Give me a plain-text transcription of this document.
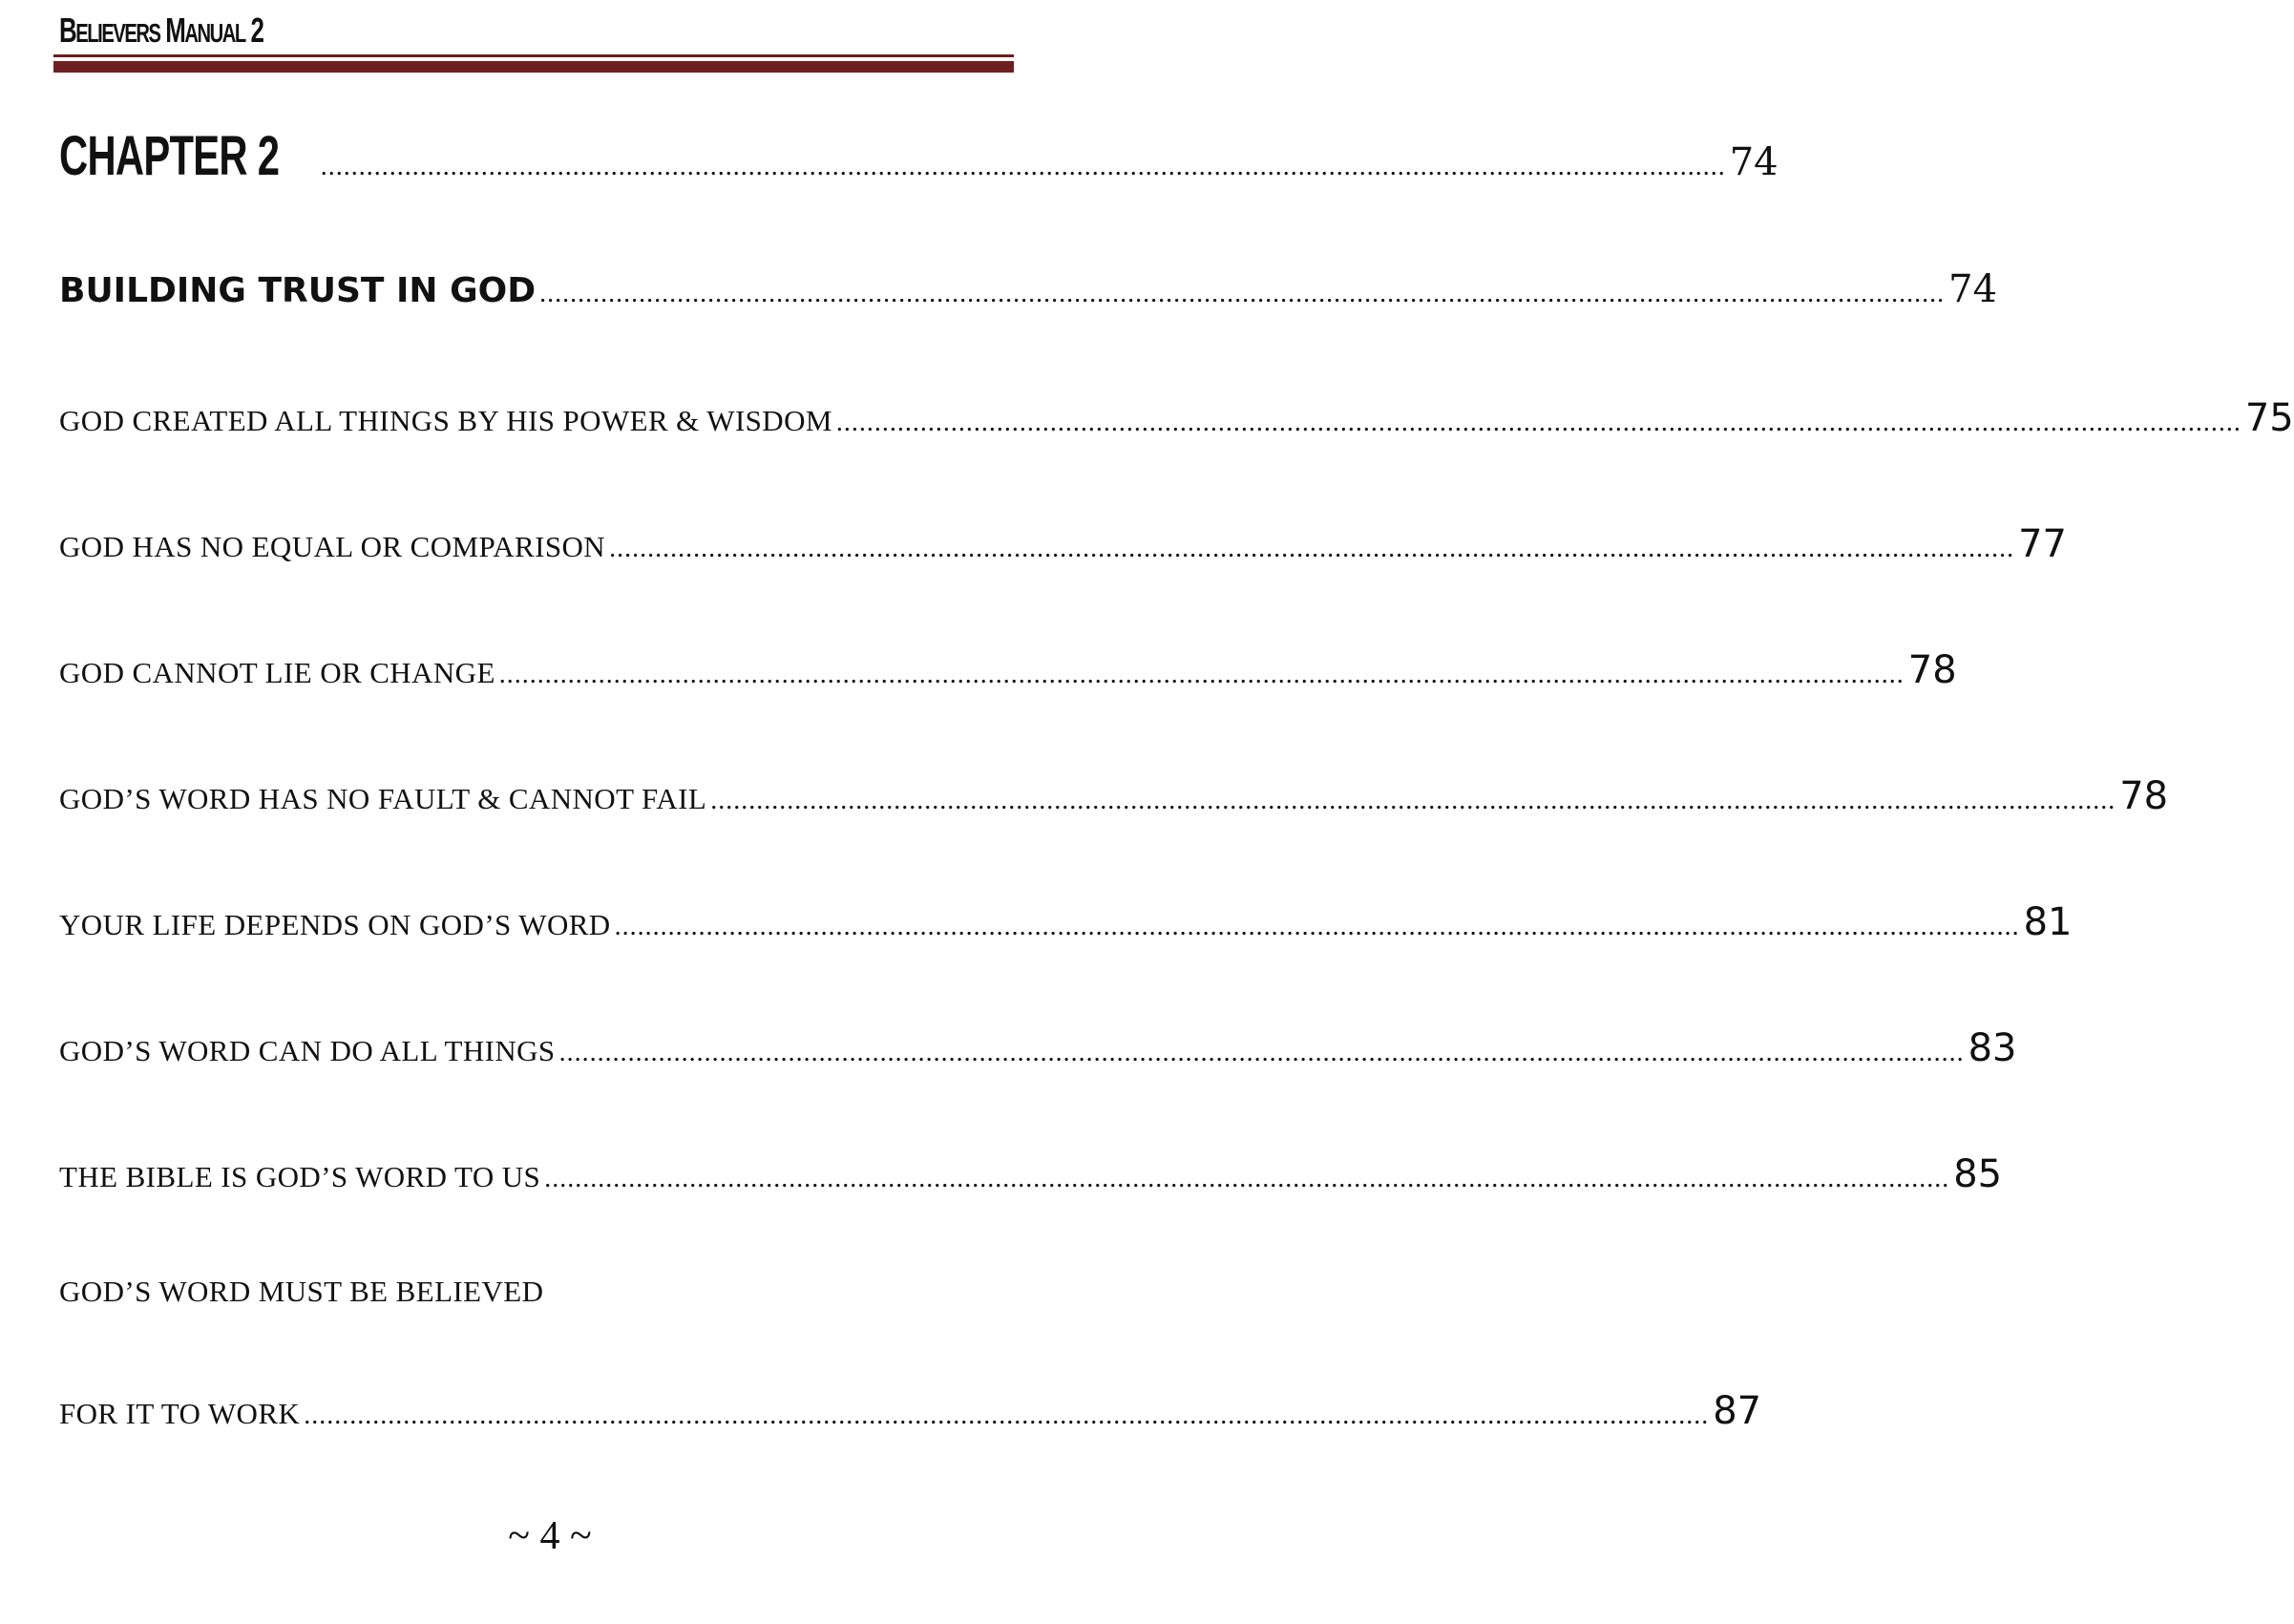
BELIEVERS MANUAL 2
CHAPTER 2 ........................................................................................................................................................................................ 74
BUILDING TRUST IN GOD ........................................................................................................................................................................................ 74
GOD CREATED ALL THINGS BY HIS POWER & WISDOM ........................................................................................................................................................................................ 75
GOD HAS NO EQUAL OR COMPARISON ........................................................................................................................................................................................ 77
GOD CANNOT LIE OR CHANGE ........................................................................................................................................................................................ 78
GOD’S WORD HAS NO FAULT & CANNOT FAIL ........................................................................................................................................................................................ 78
YOUR LIFE DEPENDS ON GOD’S WORD ........................................................................................................................................................................................ 81
GOD’S WORD CAN DO ALL THINGS ........................................................................................................................................................................................ 83
THE BIBLE IS GOD’S WORD TO US ........................................................................................................................................................................................ 85
GOD’S WORD MUST BE BELIEVED
FOR IT TO WORK ........................................................................................................................................................................................ 87
~ 4 ~
